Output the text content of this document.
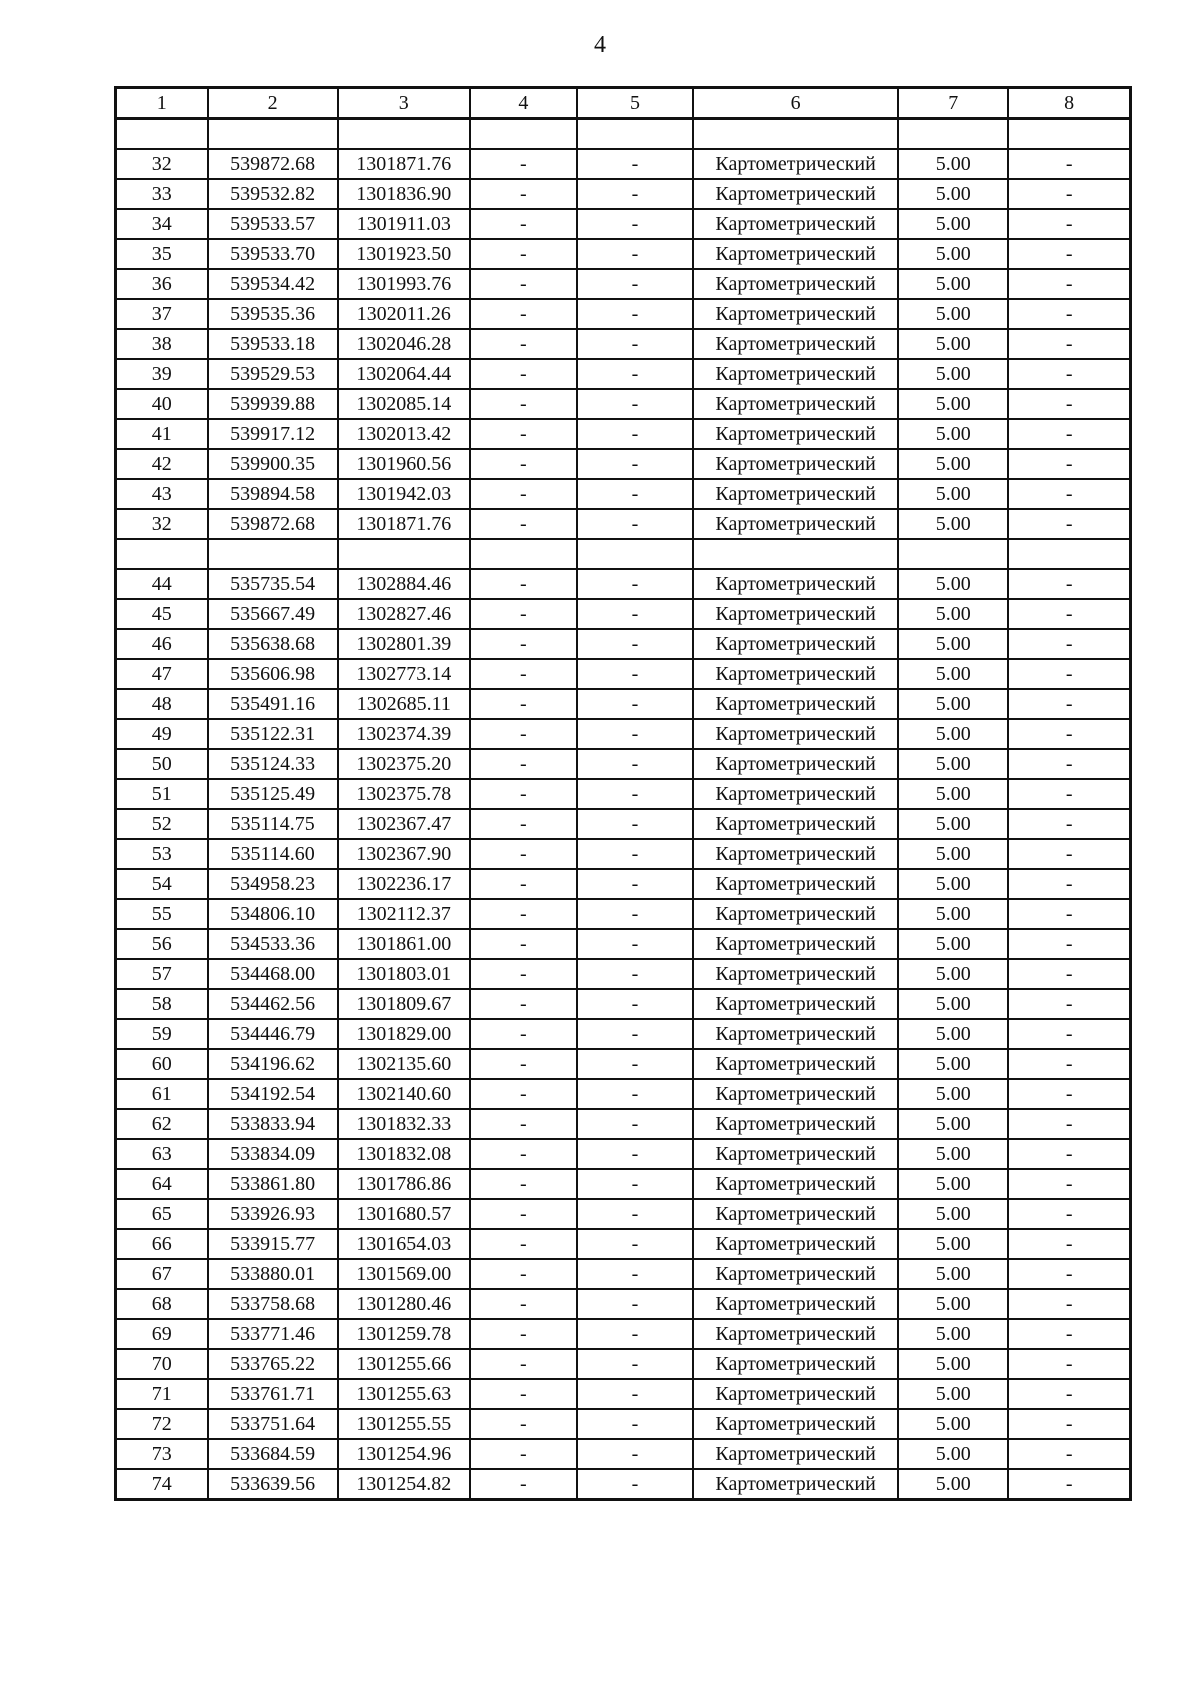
4
1	2	3	4	5	6	7	8

32	539872.68	1301871.76	-	-	Картометрический	5.00	-
33	539532.82	1301836.90	-	-	Картометрический	5.00	-
34	539533.57	1301911.03	-	-	Картометрический	5.00	-
35	539533.70	1301923.50	-	-	Картометрический	5.00	-
36	539534.42	1301993.76	-	-	Картометрический	5.00	-
37	539535.36	1302011.26	-	-	Картометрический	5.00	-
38	539533.18	1302046.28	-	-	Картометрический	5.00	-
39	539529.53	1302064.44	-	-	Картометрический	5.00	-
40	539939.88	1302085.14	-	-	Картометрический	5.00	-
41	539917.12	1302013.42	-	-	Картометрический	5.00	-
42	539900.35	1301960.56	-	-	Картометрический	5.00	-
43	539894.58	1301942.03	-	-	Картометрический	5.00	-
32	539872.68	1301871.76	-	-	Картометрический	5.00	-

44	535735.54	1302884.46	-	-	Картометрический	5.00	-
45	535667.49	1302827.46	-	-	Картометрический	5.00	-
46	535638.68	1302801.39	-	-	Картометрический	5.00	-
47	535606.98	1302773.14	-	-	Картометрический	5.00	-
48	535491.16	1302685.11	-	-	Картометрический	5.00	-
49	535122.31	1302374.39	-	-	Картометрический	5.00	-
50	535124.33	1302375.20	-	-	Картометрический	5.00	-
51	535125.49	1302375.78	-	-	Картометрический	5.00	-
52	535114.75	1302367.47	-	-	Картометрический	5.00	-
53	535114.60	1302367.90	-	-	Картометрический	5.00	-
54	534958.23	1302236.17	-	-	Картометрический	5.00	-
55	534806.10	1302112.37	-	-	Картометрический	5.00	-
56	534533.36	1301861.00	-	-	Картометрический	5.00	-
57	534468.00	1301803.01	-	-	Картометрический	5.00	-
58	534462.56	1301809.67	-	-	Картометрический	5.00	-
59	534446.79	1301829.00	-	-	Картометрический	5.00	-
60	534196.62	1302135.60	-	-	Картометрический	5.00	-
61	534192.54	1302140.60	-	-	Картометрический	5.00	-
62	533833.94	1301832.33	-	-	Картометрический	5.00	-
63	533834.09	1301832.08	-	-	Картометрический	5.00	-
64	533861.80	1301786.86	-	-	Картометрический	5.00	-
65	533926.93	1301680.57	-	-	Картометрический	5.00	-
66	533915.77	1301654.03	-	-	Картометрический	5.00	-
67	533880.01	1301569.00	-	-	Картометрический	5.00	-
68	533758.68	1301280.46	-	-	Картометрический	5.00	-
69	533771.46	1301259.78	-	-	Картометрический	5.00	-
70	533765.22	1301255.66	-	-	Картометрический	5.00	-
71	533761.71	1301255.63	-	-	Картометрический	5.00	-
72	533751.64	1301255.55	-	-	Картометрический	5.00	-
73	533684.59	1301254.96	-	-	Картометрический	5.00	-
74	533639.56	1301254.82	-	-	Картометрический	5.00	-
